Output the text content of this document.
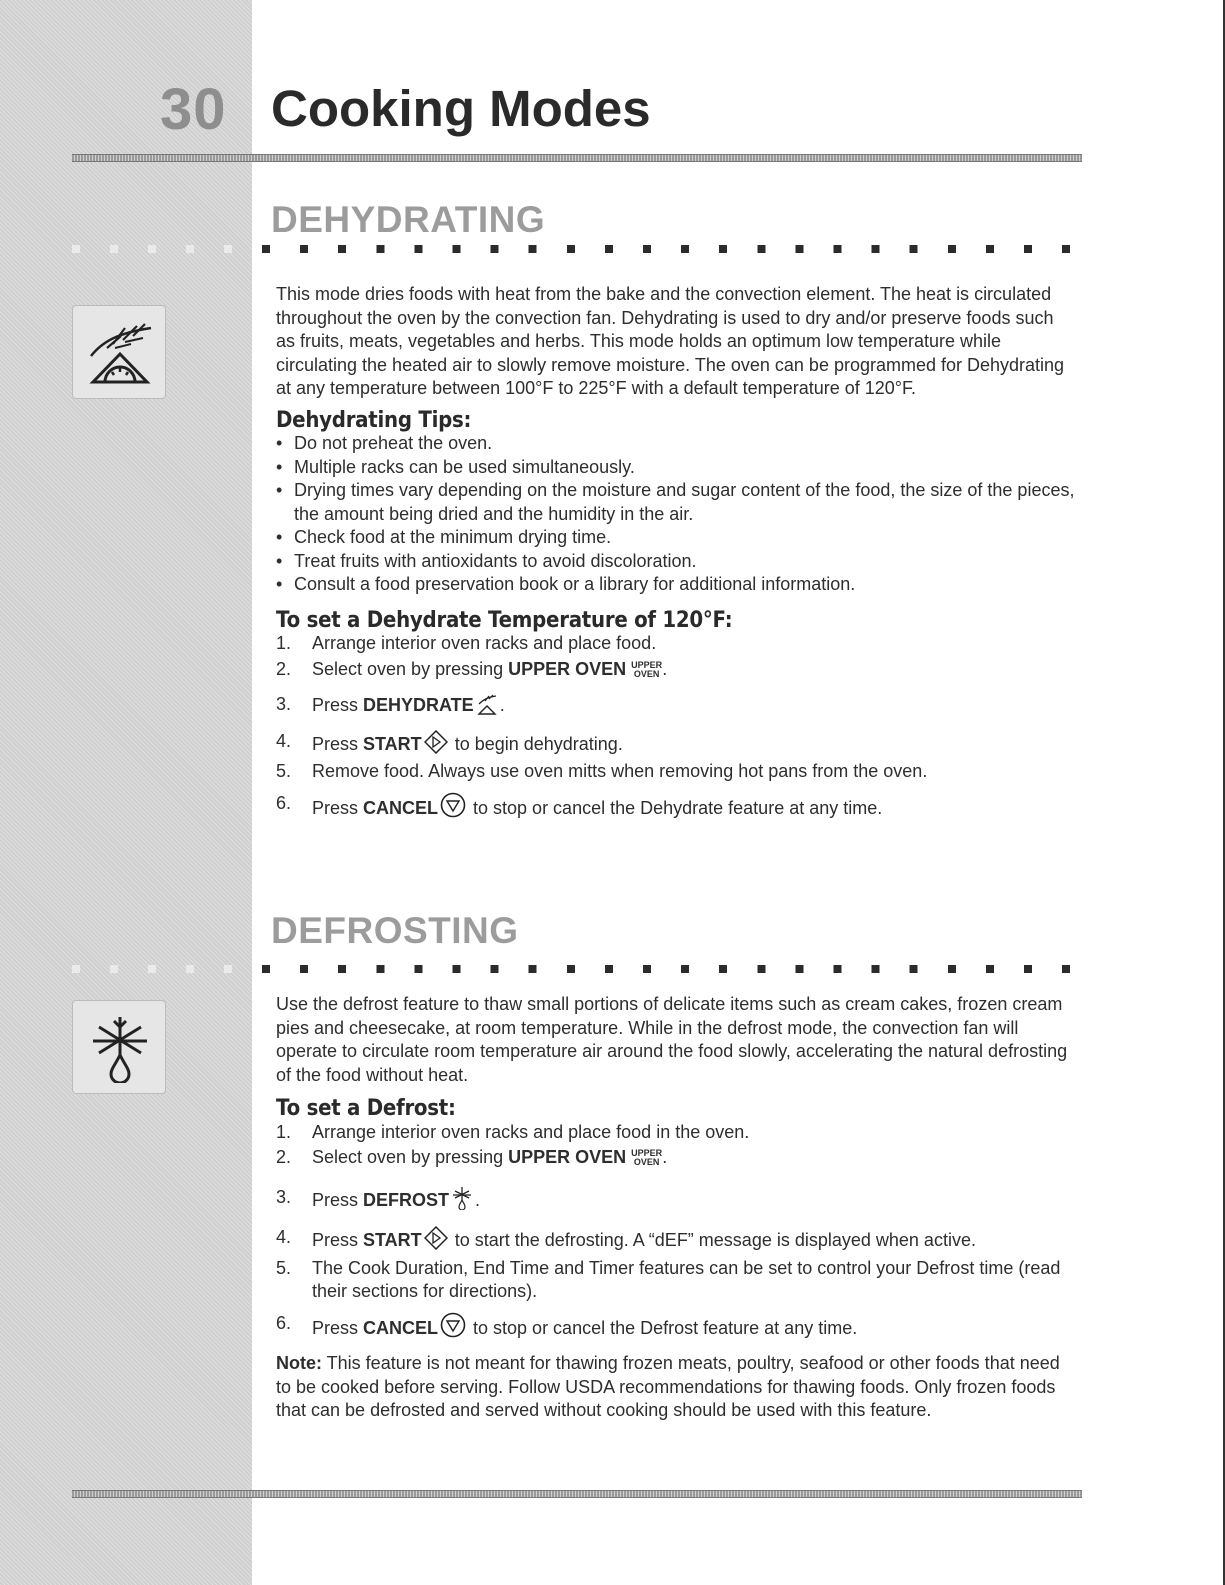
30 Cooking Modes
DEHYDRATING

This mode dries foods with heat from the bake and the convection element. The heat is circulated throughout the oven by the convection fan. Dehydrating is used to dry and/or preserve foods such as fruits, meats, vegetables and herbs. This mode holds an optimum low temperature while circulating the heated air to slowly remove moisture. The oven can be programmed for Dehydrating at any temperature between 100°F to 225°F with a default temperature of 120°F.

Dehydrating Tips:

• Do not preheat the oven.
• Multiple racks can be used simultaneously.
• Drying times vary depending on the moisture and sugar content of the food, the size of the pieces, the amount being dried and the humidity in the air.
• Check food at the minimum drying time.
• Treat fruits with antioxidants to avoid discoloration.
• Consult a food preservation book or a library for additional information.

To set a Dehydrate Temperature of 120°F:

1. Arrange interior oven racks and place food.
2. Select oven by pressing UPPER OVEN UPPER
OVEN .
3. Press DEHYDRATE .
4. Press START to begin dehydrating.
5. Remove food. Always use oven mitts when removing hot pans from the oven.
6. Press CANCEL to stop or cancel the Dehydrate feature at any time.
DEFROSTING

Use the defrost feature to thaw small portions of delicate items such as cream cakes, frozen cream pies and cheesecake, at room temperature. While in the defrost mode, the convection fan will operate to circulate room temperature air around the food slowly, accelerating the natural defrosting of the food without heat.

To set a Defrost:

1. Arrange interior oven racks and place food in the oven.
2. Select oven by pressing UPPER OVEN UPPER
OVEN .
3. Press DEFROST .
4. Press START to start the defrosting. A “dEF” message is displayed when active.
5. The Cook Duration, End Time and Timer features can be set to control your Defrost time (read their sections for directions).
6. Press CANCEL to stop or cancel the Defrost feature at any time.

Note: This feature is not meant for thawing frozen meats, poultry, seafood or other foods that need to be cooked before serving. Follow USDA recommendations for thawing foods. Only frozen foods that can be defrosted and served without cooking should be used with this feature.
